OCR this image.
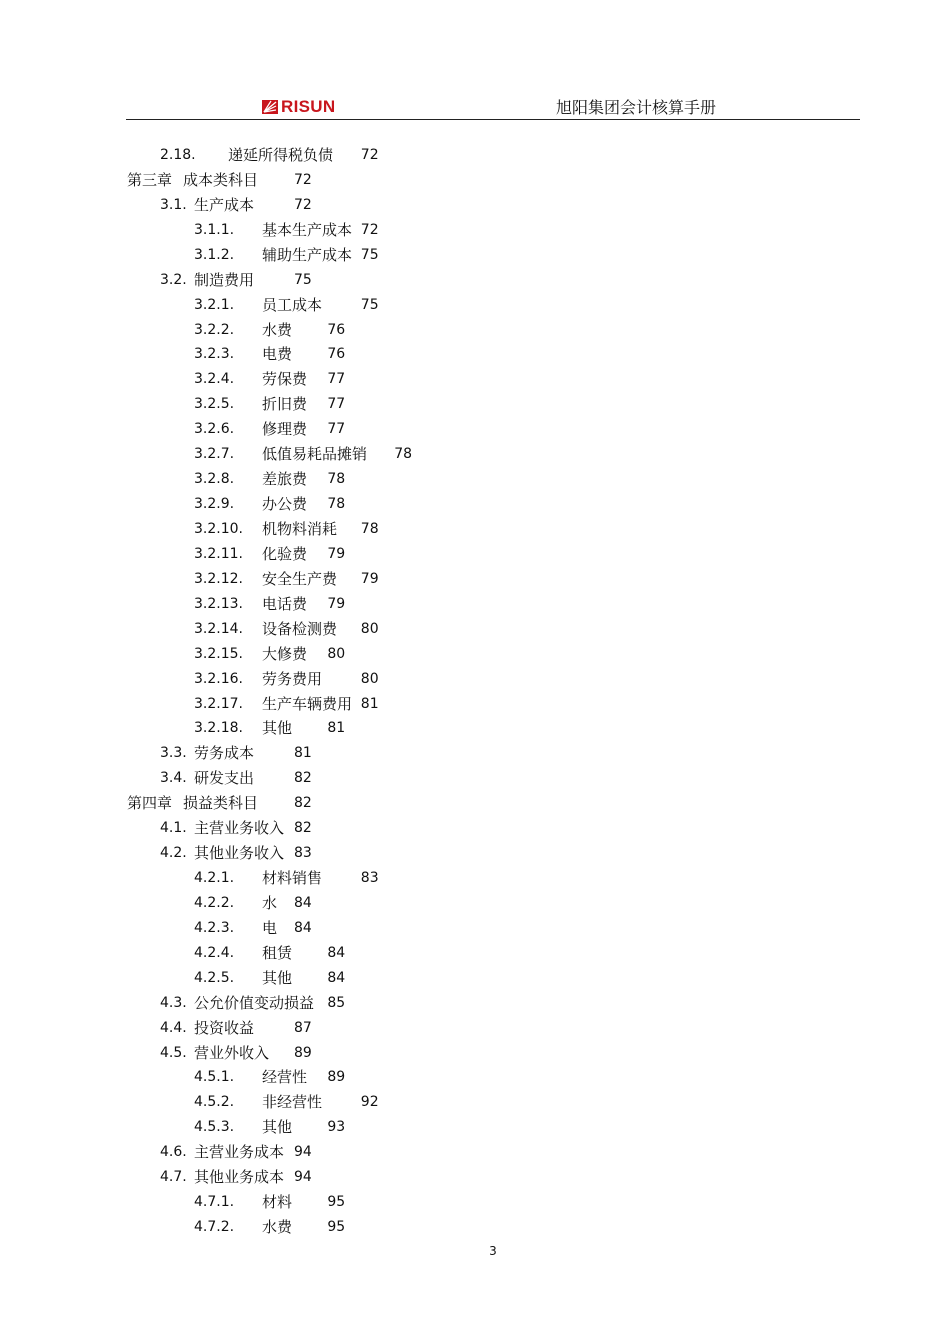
RISUN	旭阳集团会计核算手册
2.18. 递延所得税负债 72
第三章 成本类科目	72
3.1. 生产成本	72
3.1.1. 基本生产成本 72
3.1.2. 辅助生产成本 75
3.2. 制造费用	75
3.2.1. 员工成本	75
3.2.2. 水费	76
3.2.3. 电费	76
3.2.4. 劳保费 77
3.2.5. 折旧费 77
3.2.6. 修理费 77
3.2.7. 低值易耗品摊销 78
3.2.8. 差旅费 78
3.2.9. 办公费 78
3.2.10. 机物料消耗 78
3.2.11. 化验费 79
3.2.12. 安全生产费 79
3.2.13. 电话费 79
3.2.14. 设备检测费 80
3.2.15. 大修费 80
3.2.16. 劳务费用	80
3.2.17. 生产车辆费用 81
3.2.18. 其他	81
3.3. 劳务成本	81
3.4. 研发支出	82
第四章 损益类科目	82
4.1. 主营业务收入 82
4.2. 其他业务收入 83
4.2.1. 材料销售	83
4.2.2. 水 84
4.2.3. 电 84
4.2.4. 租赁	84
4.2.5. 其他	84
4.3. 公允价值变动损益 85
4.4. 投资收益	87
4.5. 营业外收入 89
4.5.1. 经营性 89
4.5.2. 非经营性	92
4.5.3. 其他	93
4.6. 主营业务成本 94
4.7. 其他业务成本 94
4.7.1. 材料	95
4.7.2. 水费	95
3
